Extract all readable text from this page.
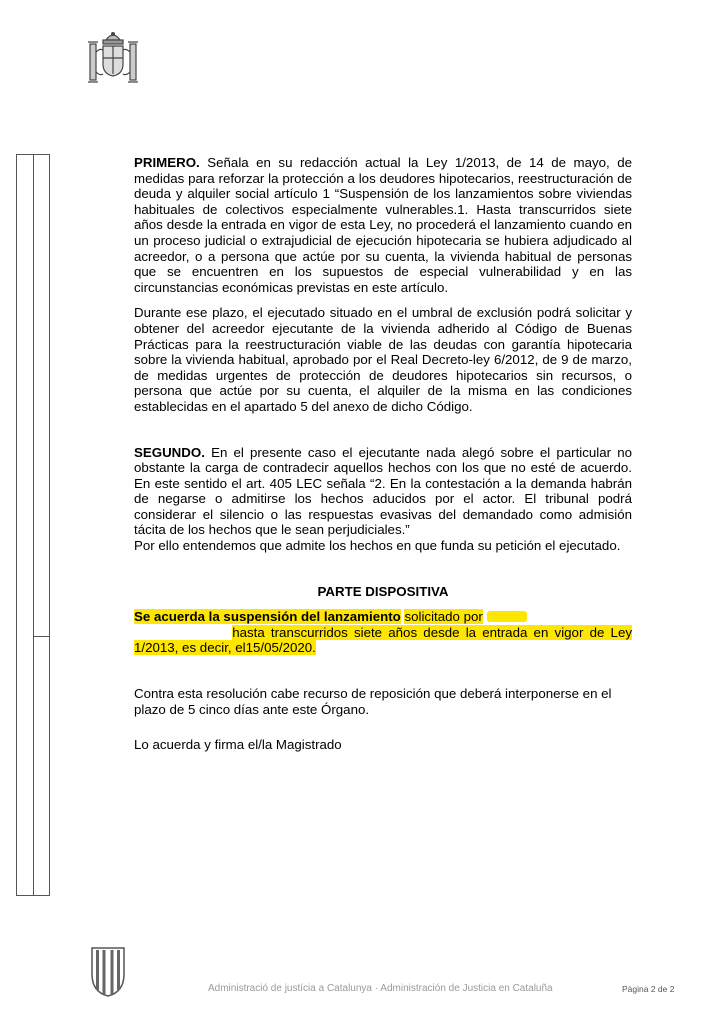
PRIMERO. Señala en su redacción actual la Ley 1/2013, de 14 de mayo, de medidas para reforzar la protección a los deudores hipotecarios, reestructuración de deuda y alquiler social artículo 1 “Suspensión de los lanzamientos sobre viviendas habituales de colectivos especialmente vulnerables.1. Hasta transcurridos siete años desde la entrada en vigor de esta Ley, no procederá el lanzamiento cuando en un proceso judicial o extrajudicial de ejecución hipotecaria se hubiera adjudicado al acreedor, o a persona que actúe por su cuenta, la vivienda habitual de personas que se encuentren en los supuestos de especial vulnerabilidad y en las circunstancias económicas previstas en este artículo.

Durante ese plazo, el ejecutado situado en el umbral de exclusión podrá solicitar y obtener del acreedor ejecutante de la vivienda adherido al Código de Buenas Prácticas para la reestructuración viable de las deudas con garantía hipotecaria sobre la vivienda habitual, aprobado por el Real Decreto-ley 6/2012, de 9 de marzo, de medidas urgentes de protección de deudores hipotecarios sin recursos, o persona que actúe por su cuenta, el alquiler de la misma en las condiciones establecidas en el apartado 5 del anexo de dicho Código.

SEGUNDO. En el presente caso el ejecutante nada alegó sobre el particular no obstante la carga de contradecir aquellos hechos con los que no esté de acuerdo. En este sentido el art. 405 LEC señala “2. En la contestación a la demanda habrán de negarse o admitirse los hechos aducidos por el actor. El tribunal podrá considerar el silencio o las respuestas evasivas del demandado como admisión tácita de los hechos que le sean perjudiciales.”

Por ello entendemos que admite los hechos en que funda su petición el ejecutado.

PARTE DISPOSITIVA

Se acuerda la suspensión del lanzamiento solicitado por
hasta transcurridos siete años desde la entrada en vigor de Ley 1/2013, es decir, el15/05/2020.

Contra esta resolución cabe recurso de reposición que deberá interponerse en el plazo de 5 cinco días ante este Órgano.

Lo acuerda y firma el/la Magistrado

Administració de justícia a Catalunya · Administración de Justicia en Cataluña	Pàgina 2 de 2
